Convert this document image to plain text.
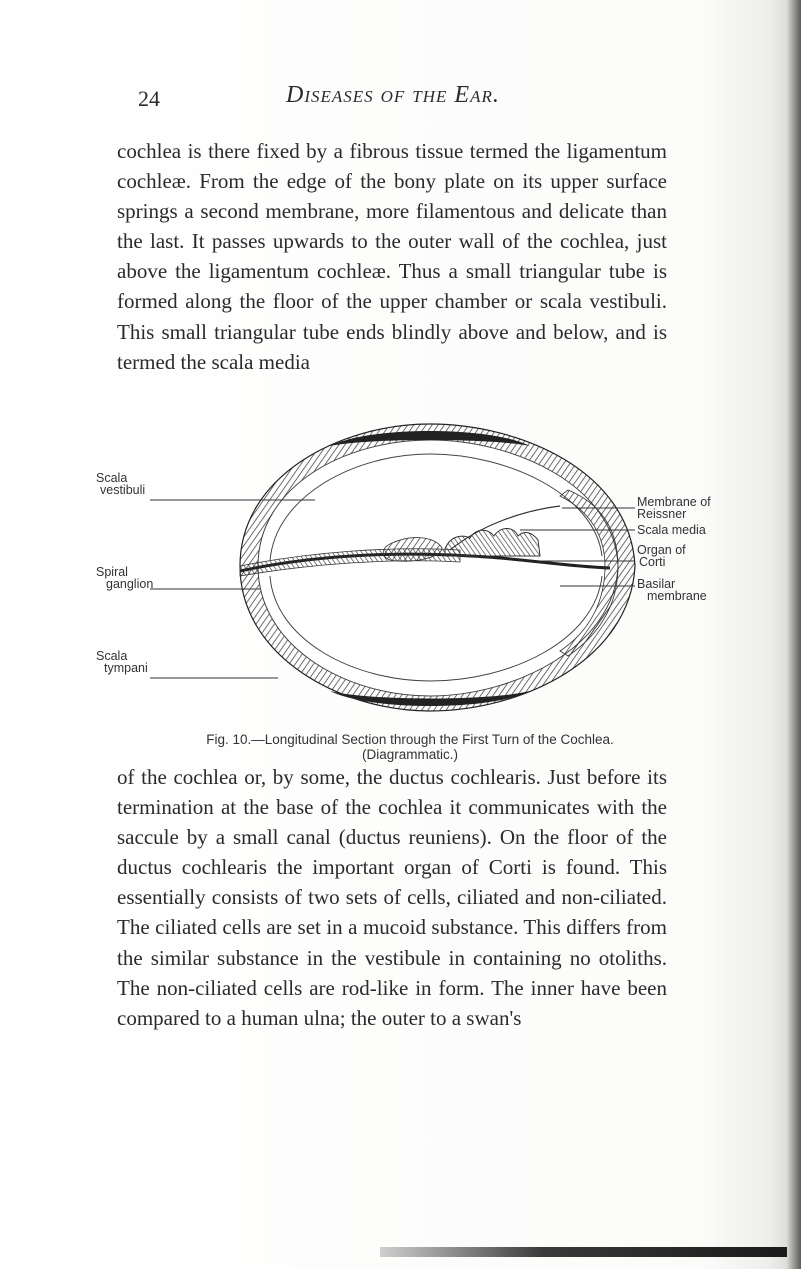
24	Diseases of the Ear.

cochlea is there fixed by a fibrous tissue termed the ligamentum cochleæ. From the edge of the bony plate on its upper surface springs a second membrane, more filamentous and delicate than the last. It passes upwards to the outer wall of the cochlea, just above the ligamentum cochleæ. Thus a small triangular tube is formed along the floor of the upper chamber or scala vestibuli. This small triangular tube ends blindly above and below, and is termed the scala media

Scala
vestibuli
Spiral
ganglion
Scala
tympani
Membrane of
Reissner
Scala media
Organ of
Corti
Basilar
membrane
Fig. 10.—Longitudinal Section through the First Turn of the Cochlea.
(Diagrammatic.)

of the cochlea or, by some, the ductus cochlearis. Just before its termination at the base of the cochlea it communicates with the saccule by a small canal (ductus reuniens). On the floor of the ductus cochlearis the important organ of Corti is found. This essentially consists of two sets of cells, ciliated and non-ciliated. The ciliated cells are set in a mucoid substance. This differs from the similar substance in the vestibule in containing no otoliths. The non-ciliated cells are rod-like in form. The inner have been compared to a human ulna; the outer to a swan's
